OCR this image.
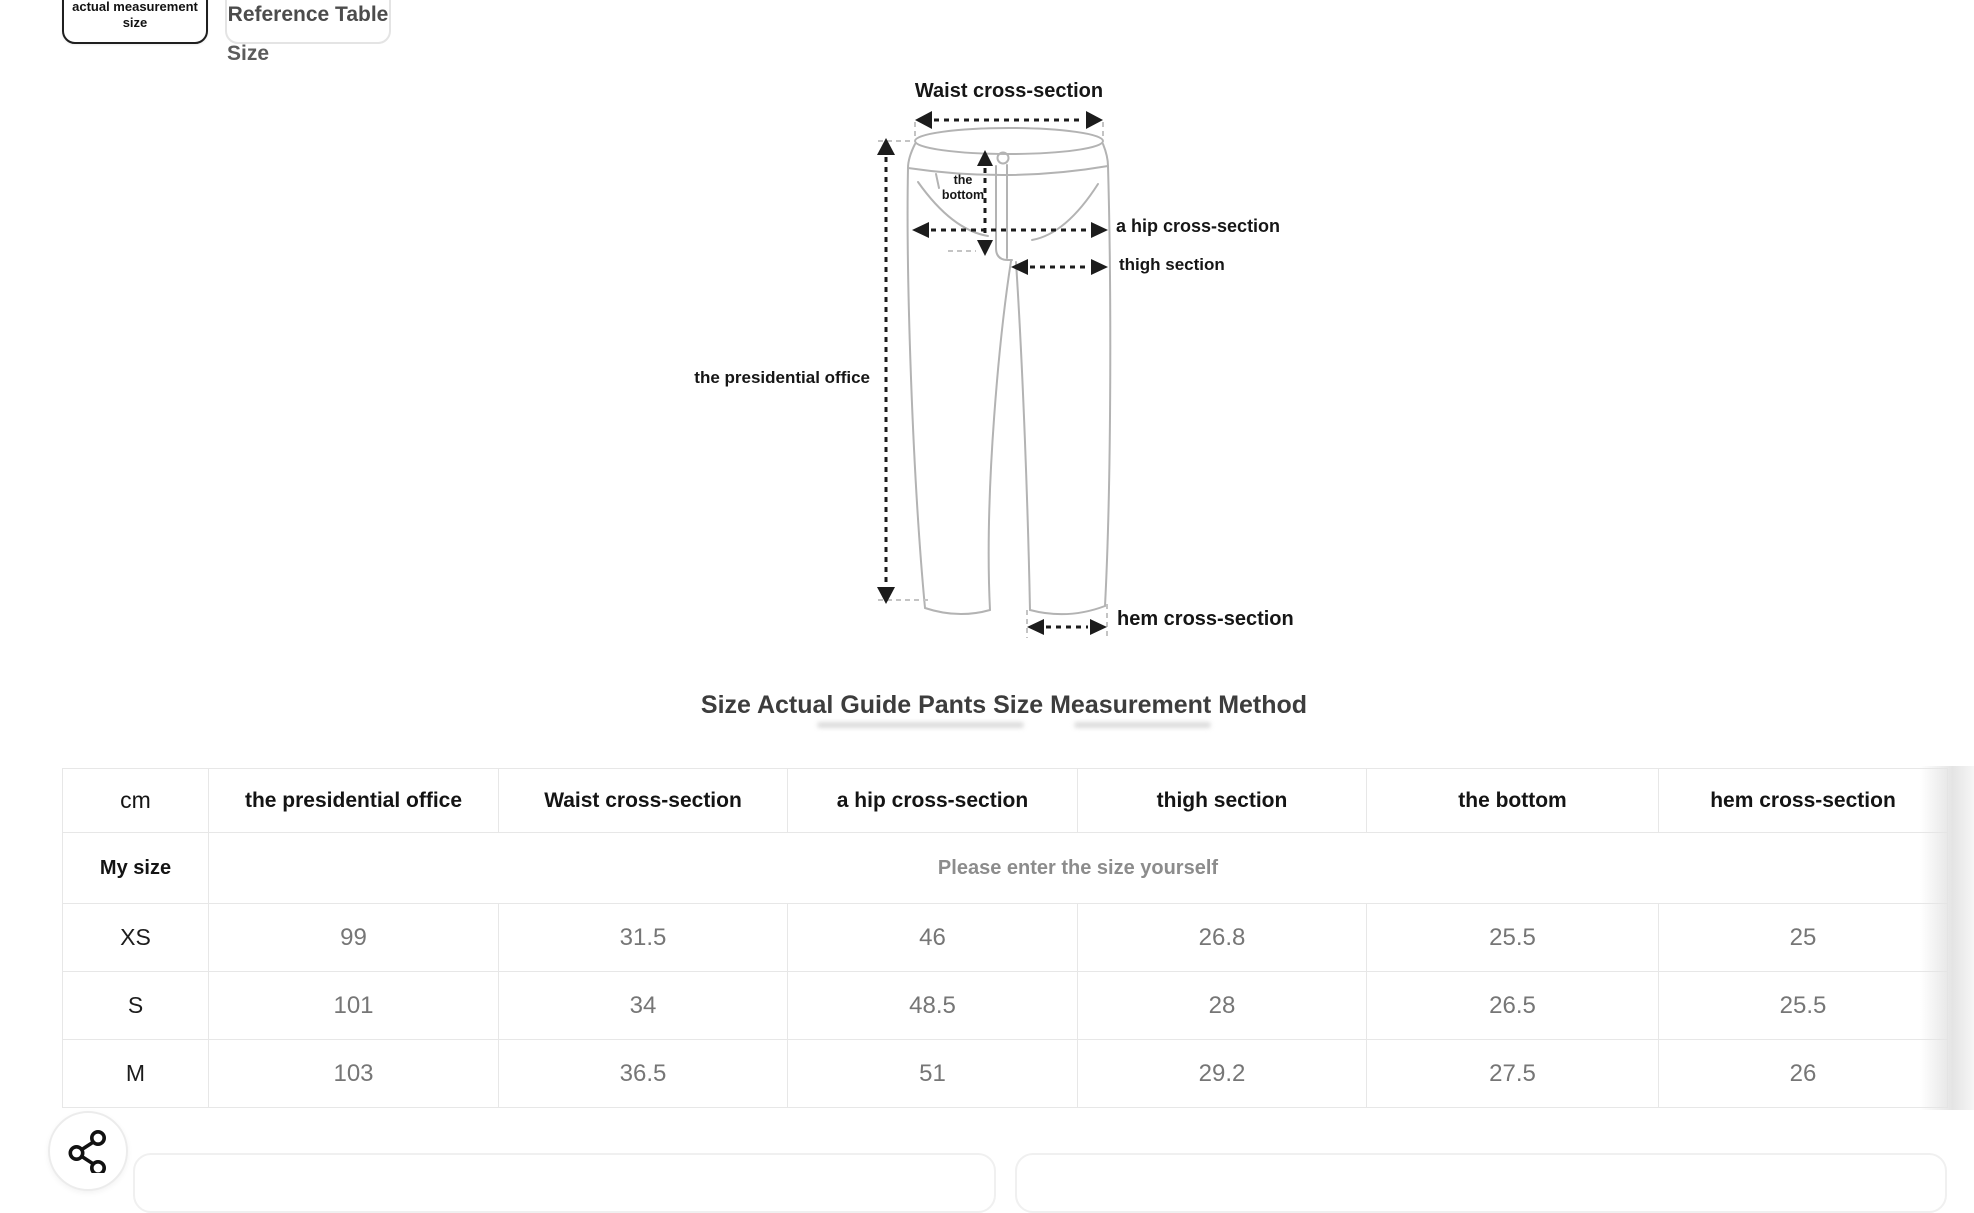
actual measurement size	Reference Table
Size
Waist cross-section
the
bottom
a hip cross-section
thigh section
the presidential office
hem cross-section
Size Actual Guide Pants Size Measurement Method
cm	the presidential office	Waist cross-section	a hip cross-section	thigh section	the bottom	hem cross-section
My size	Please enter the size yourself					
XS	99	31.5	46	26.8	25.5	25
S	101	34	48.5	28	26.5	25.5
M	103	36.5	51	29.2	27.5	26
